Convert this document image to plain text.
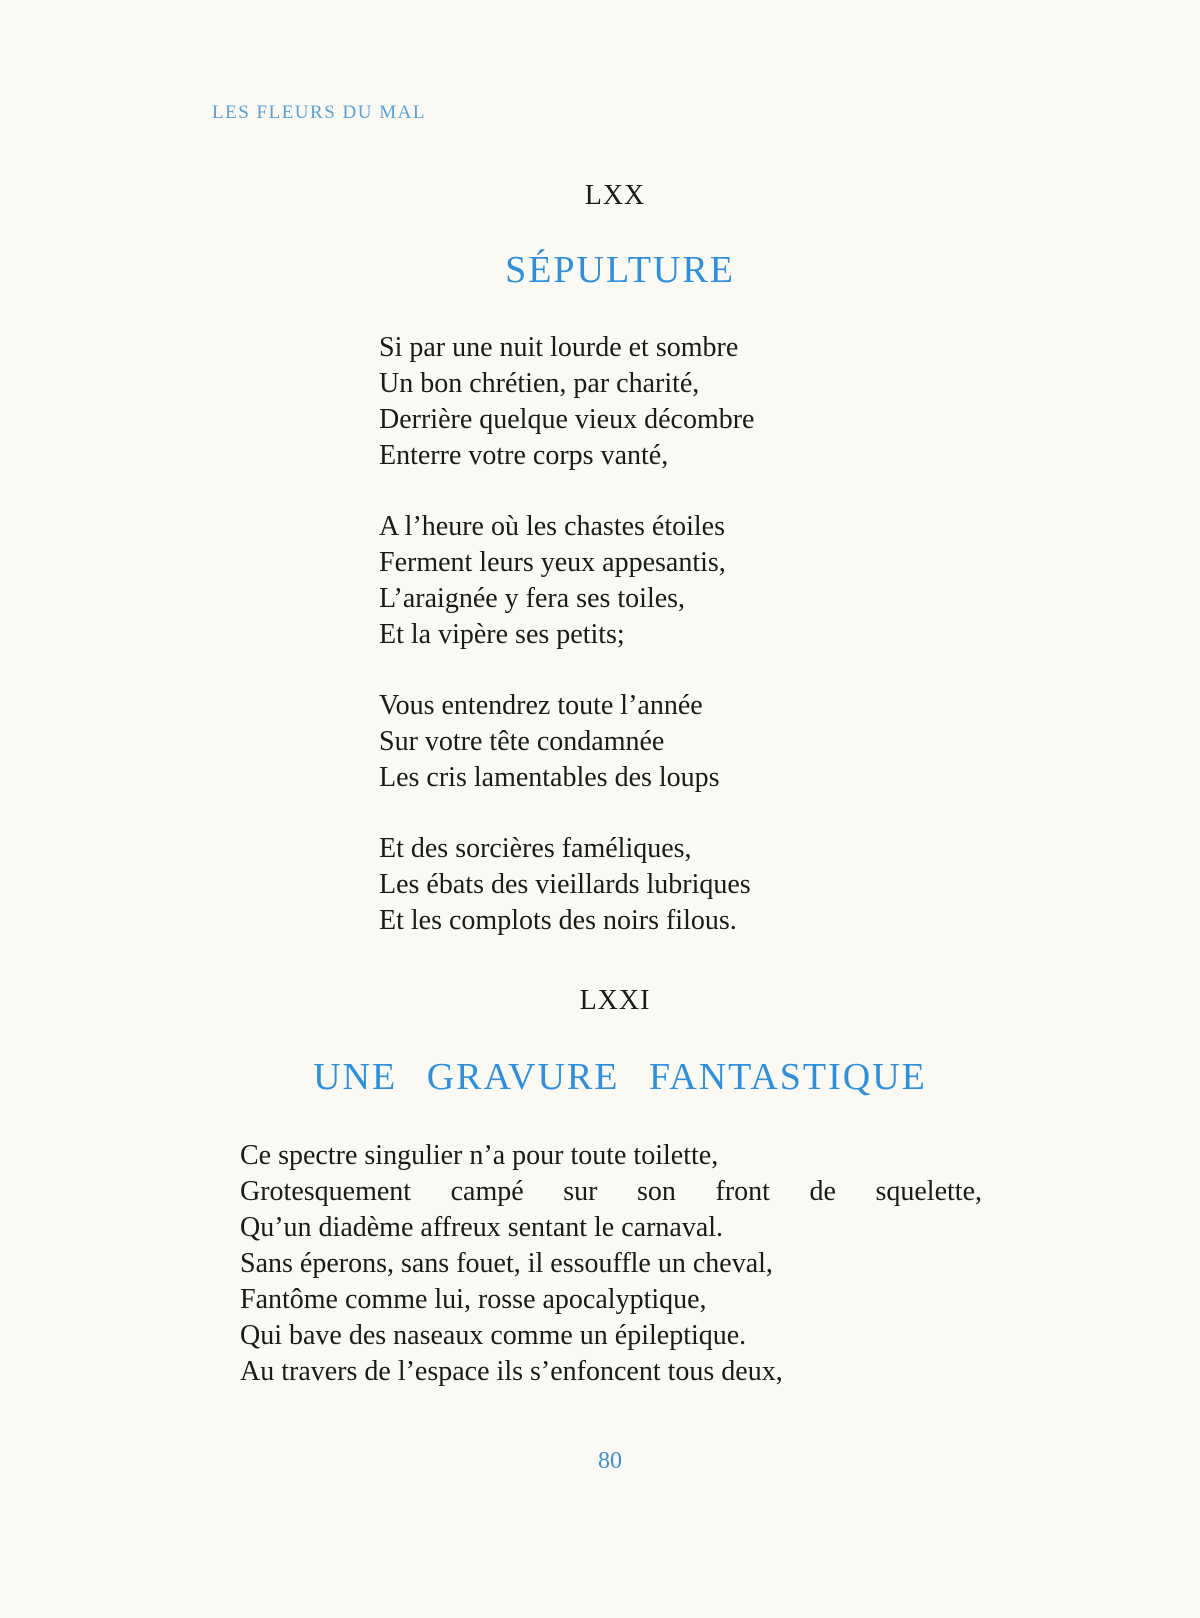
LES FLEURS DU MAL
LXX
SÉPULTURE
Si par une nuit lourde et sombre
Un bon chrétien, par charité,
Derrière quelque vieux décombre
Enterre votre corps vanté,
A l’heure où les chastes étoiles
Ferment leurs yeux appesantis,
L’araignée y fera ses toiles,
Et la vipère ses petits;
Vous entendrez toute l’année
Sur votre tête condamnée
Les cris lamentables des loups
Et des sorcières faméliques,
Les ébats des vieillards lubriques
Et les complots des noirs filous.
LXXI
UNE GRAVURE FANTASTIQUE
Ce spectre singulier n’a pour toute toilette,
Grotesquement campé sur son front de squelette,
Qu’un diadème affreux sentant le carnaval.
Sans éperons, sans fouet, il essouffle un cheval,
Fantôme comme lui, rosse apocalyptique,
Qui bave des naseaux comme un épileptique.
Au travers de l’espace ils s’enfoncent tous deux,
80
